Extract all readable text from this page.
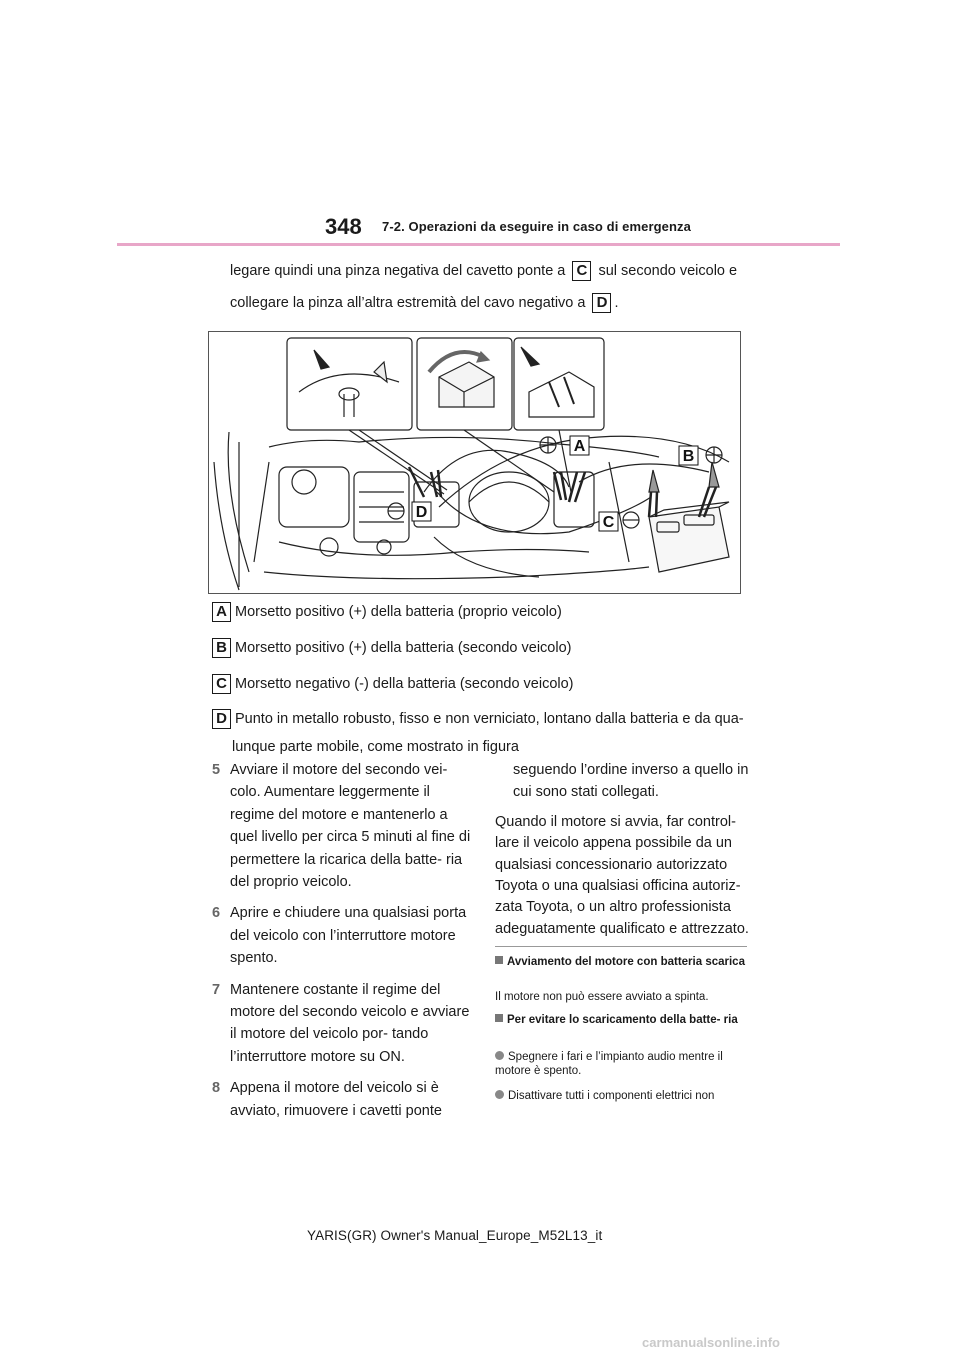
348 7-2. Operazioni da eseguire in caso di emergenza
legare quindi una pinza negativa del cavetto ponte a C sul secondo veicolo e
collegare la pinza all’altra estremità del cavo negativo a D .
A
B
C
D
A Morsetto positivo (+) della batteria (proprio veicolo)
B Morsetto positivo (+) della batteria (secondo veicolo)
C Morsetto negativo (-) della batteria (secondo veicolo)
D Punto in metallo robusto, fisso e non verniciato, lontano dalla batteria e da qua-
lunque parte mobile, come mostrato in figura
5 Avviare il motore del secondo vei- colo. Aumentare leggermente il regime del motore e mantenerlo a quel livello per circa 5 minuti al fine di permettere la ricarica della batte- ria del proprio veicolo.
6 Aprire e chiudere una qualsiasi porta del veicolo con l’interruttore motore spento.
7 Mantenere costante il regime del motore del secondo veicolo e avviare il motore del veicolo por- tando l’interruttore motore su ON.
8 Appena il motore del veicolo si è avviato, rimuovere i cavetti ponte
seguendo l’ordine inverso a quello in cui sono stati collegati.
Quando il motore si avvia, far control- lare il veicolo appena possibile da un qualsiasi concessionario autorizzato Toyota o una qualsiasi officina autoriz- zata Toyota, o un altro professionista adeguatamente qualificato e attrezzato.
Avviamento del motore con batteria scarica
Il motore non può essere avviato a spinta.
Per evitare lo scaricamento della batte- ria
Spegnere i fari e l’impianto audio mentre il motore è spento.
Disattivare tutti i componenti elettrici non
YARIS(GR) Owner's Manual_Europe_M52L13_it
carmanualsonline.info
